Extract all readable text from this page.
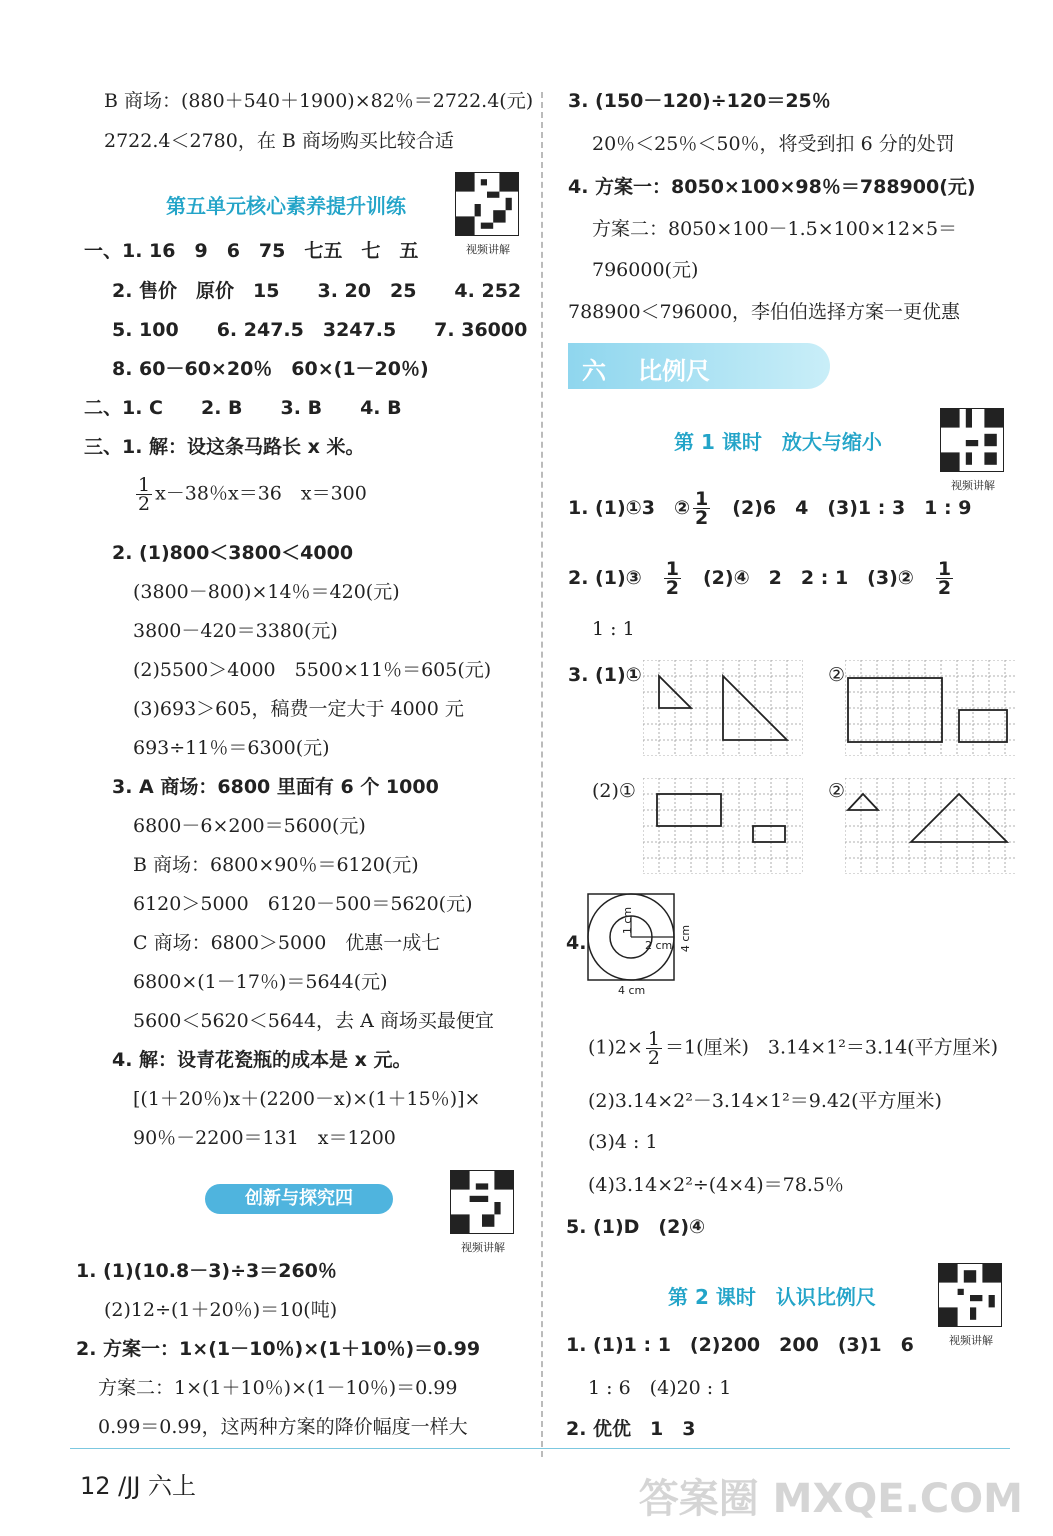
B 商场：(880＋540＋1900)×82％＝2722.4(元)
2722.4＜2780，在 B 商场购买比较合适
第五单元核心素养提升训练
视频讲解
一、1. 16　9　6　75　七五　七　五
2. 售价　原价　15　　3. 20　25　　4. 252
5. 100　　6. 247.5　3247.5　　7. 36000
8. 60－60×20％　60×(1－20％)
二、1. C　　2. B　　3. B　　4. B
三、1. 解：设这条马路长 x 米。
$\frac{1}{2} x-38$％x＝36　x＝300
2. (1)800＜3800＜4000
(3800－800)×14％＝420(元)
3800－420＝3380(元)
(2)5500＞4000　5500×11％＝605(元)
(3)693＞605，稿费一定大于 4000 元
693÷11％＝6300(元)
3. A 商场：6800 里面有 6 个 1000
6800－6×200＝5600(元)
B 商场：6800×90％＝6120(元)
6120＞5000　6120－500＝5620(元)
C 商场：6800＞5000　优惠一成七
6800×(1－17％)＝5644(元)
5600＜5620＜5644，去 A 商场买最便宜
4. 解：设青花瓷瓶的成本是 x 元。
[(1＋20％)x＋(2200－x)×(1＋15％)]×
90％－2200＝131　x＝1200
创新与探究四
视频讲解
1. (1)(10.8－3)÷3＝260％
(2)12÷(1＋20％)＝10(吨)
2. 方案一：1×(1－10％)×(1＋10％)＝0.99
方案二：1×(1＋10％)×(1－10％)＝0.99
0.99＝0.99，这两种方案的降价幅度一样大
3. (150－120)÷120＝25％
20％＜25％＜50％，将受到扣 6 分的处罚
4. 方案一：8050×100×98％＝788900(元)
方案二：8050×100－1.5×100×12×5＝
796000(元)
788900＜796000，李伯伯选择方案一更优惠
六 比例尺
第 1 课时　放大与缩小
视频讲解
1. (1)①3　② $\frac{1}{2}$
　 (2)6　4　(3)1 : 3　1 : 9
2. (1)③　 $\frac{1}{2}$
　 (2)④　2　2 : 1　(3)②　 $\frac{1}{2}$
1 : 1
3. (1)①	②
(2)①	②
4.
1 cm
2 cm 4 cm
4 cm
$(1)2\times \frac{1}{2} =1$(厘米)　3.14×1²＝3.14(平方厘米)
(2)3.14×2²－3.14×1²＝9.42(平方厘米)
(3)4 : 1
(4)3.14×2²÷(4×4)＝78.5％
5. (1)D　(2)④
第 2 课时　认识比例尺
视频讲解
1. (1)1 : 1　(2)200　200　(3)1　6
1 : 6　(4)20 : 1
2. 优优　1　3
12 /JJ 六上	答案圈 MXQE.COM
